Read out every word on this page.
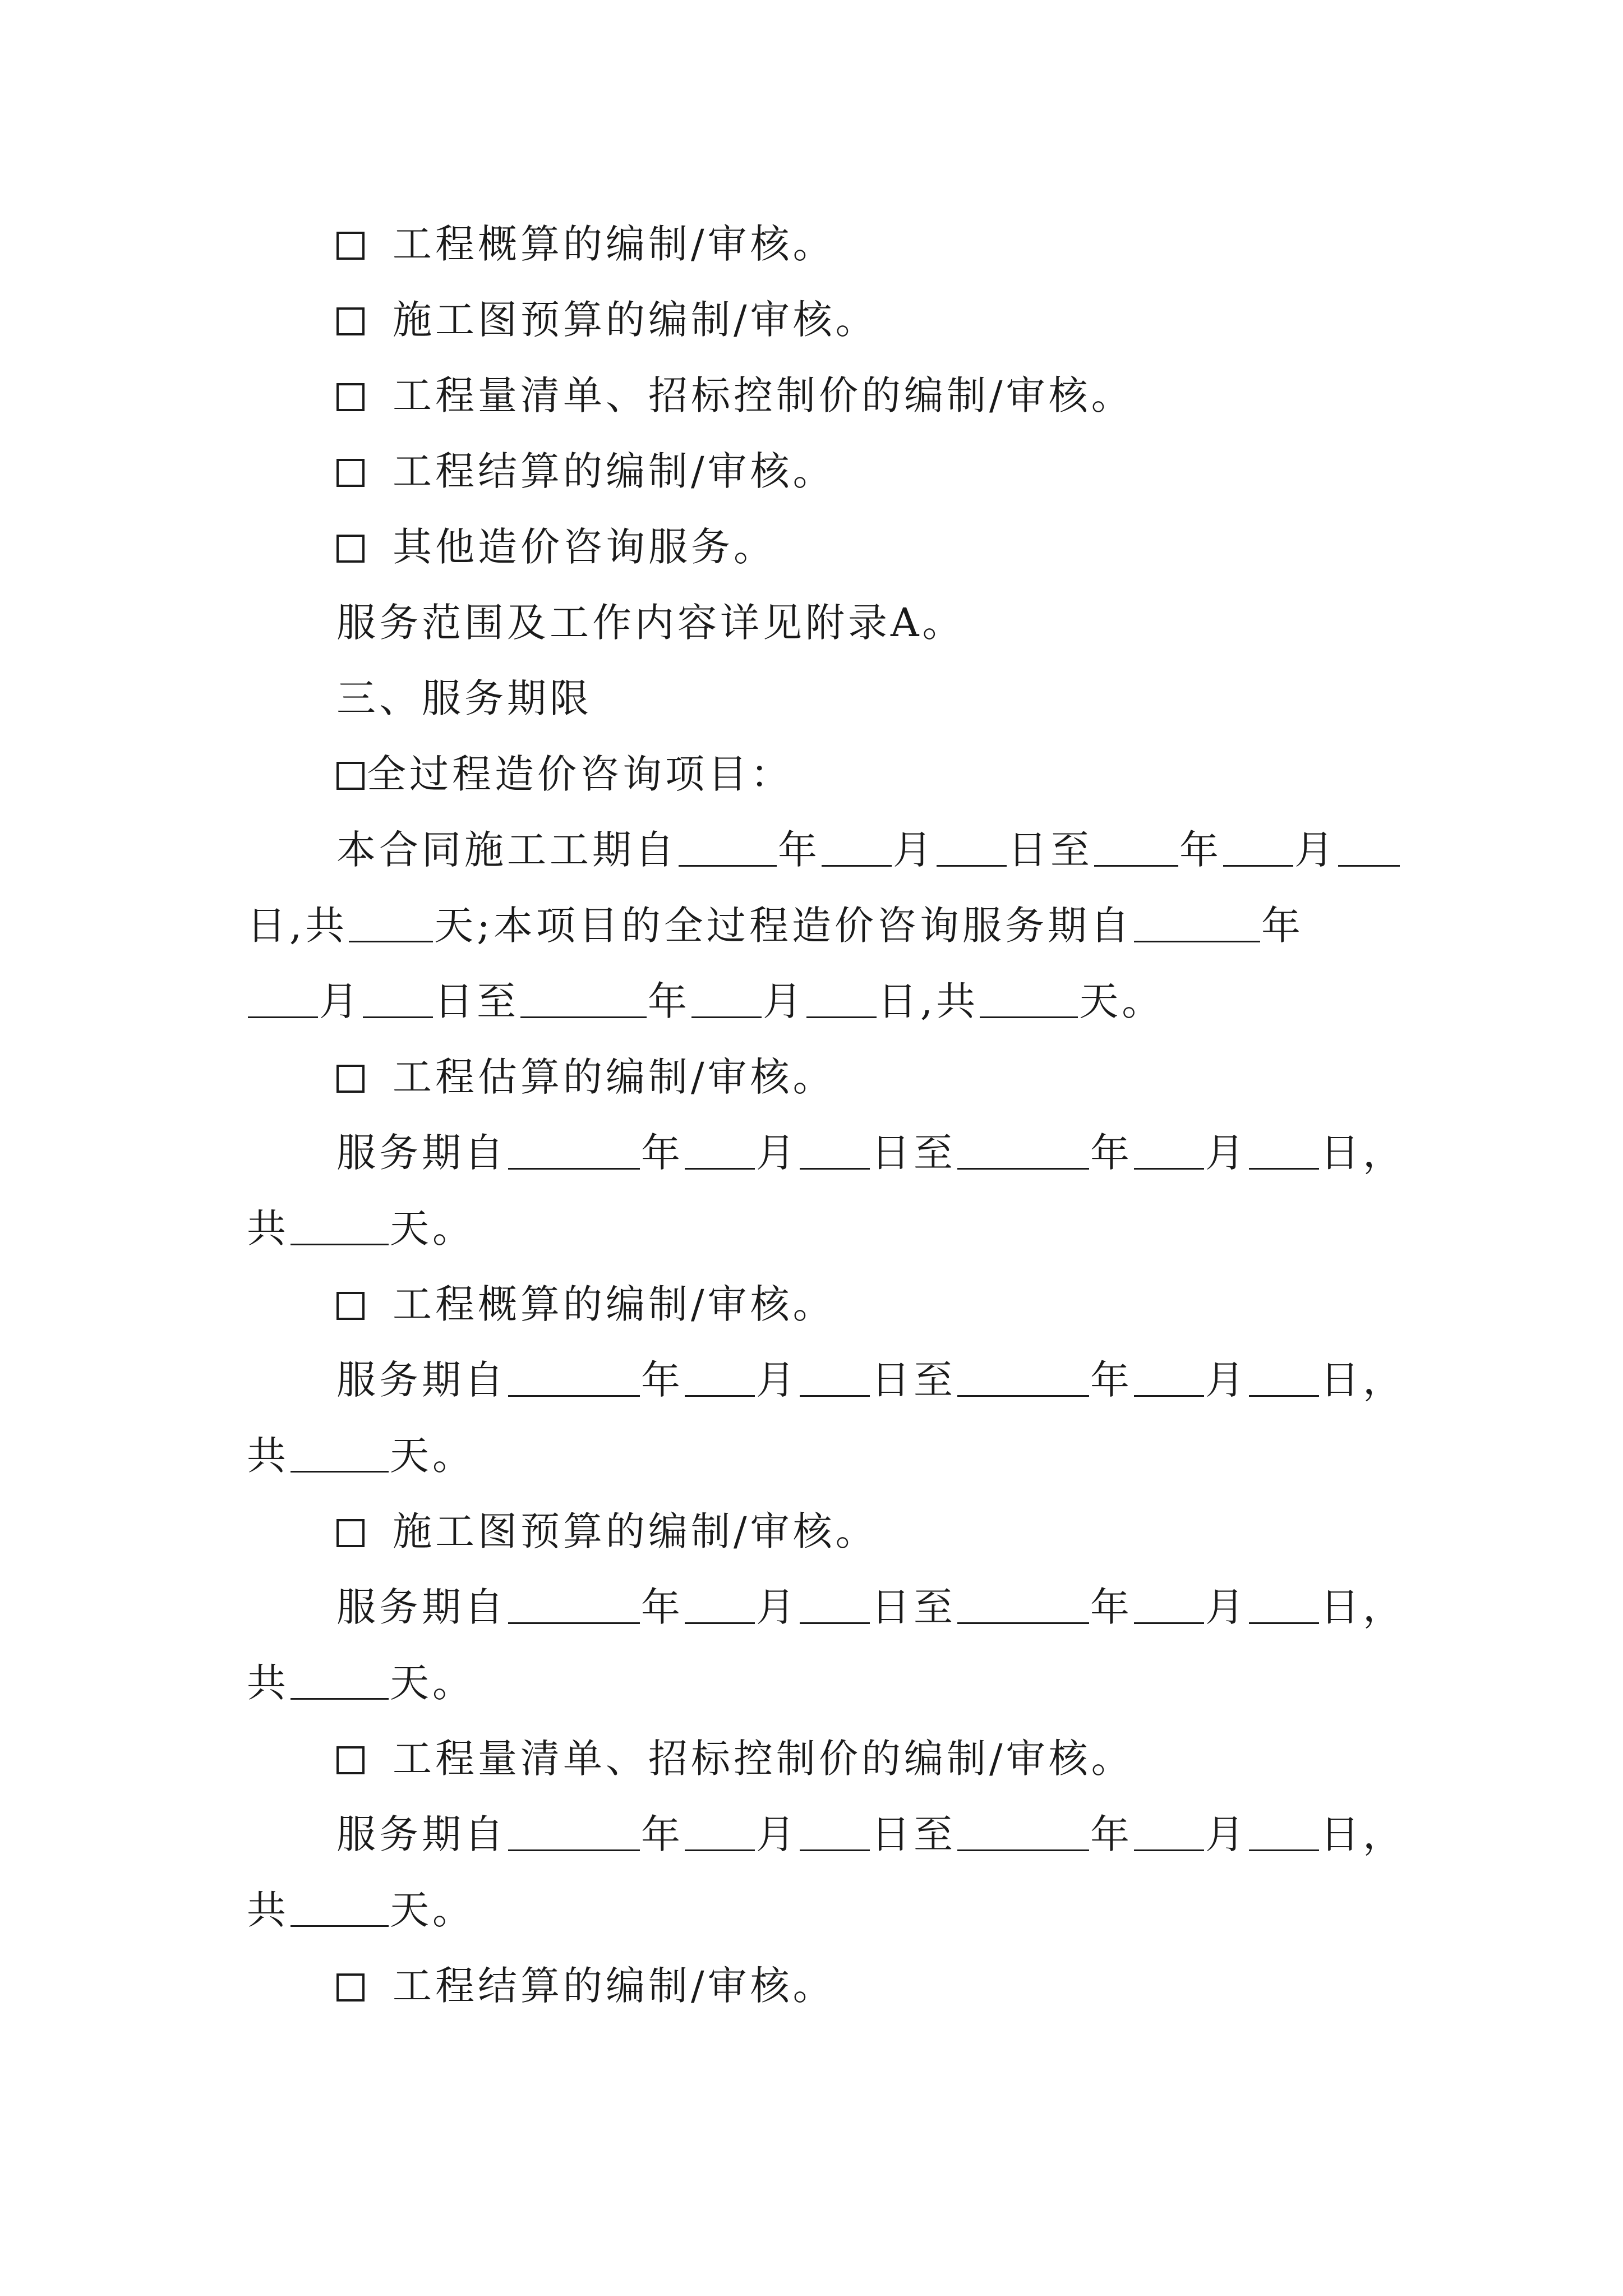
工程概算的编制/审核。
施工图预算的编制/审核。
工程量清单、招标控制价的编制/审核。
工程结算的编制/审核。
其他造价咨询服务。
服务范围及工作内容详见附录A。
三、服务期限
全过程造价咨询项目：
本合同施工工期自	年 月 日至 年 月
日,共 天;本项目的全过程造价咨询服务期自	年
月 日至	年 月 日,共	天。
工程估算的编制/审核。
服务期自	年 月 日至	年 月 日，
共	天。
工程概算的编制/审核。
服务期自	年 月 日至	年 月 日，
共	天。
施工图预算的编制/审核。
服务期自	年 月 日至	年 月 日，
共	天。
工程量清单、招标控制价的编制/审核。
服务期自	年 月 日至	年 月 日，
共	天。
工程结算的编制/审核。
